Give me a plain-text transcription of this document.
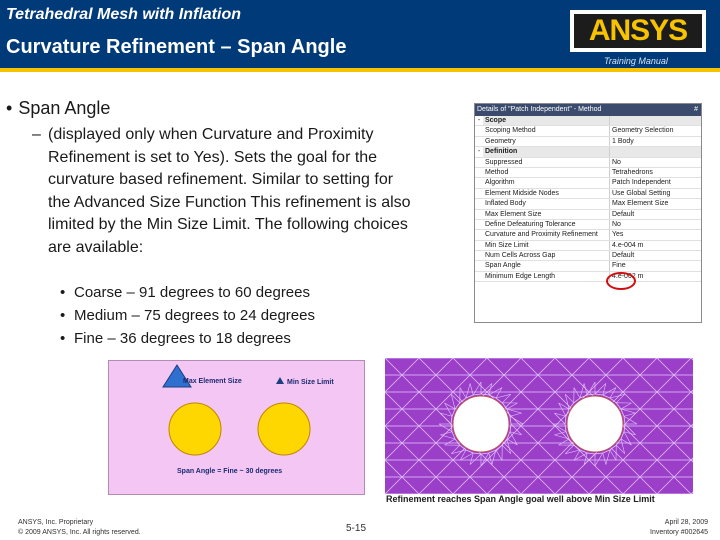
Tetrahedral Mesh with Inflation
Curvature Refinement – Span Angle	ANSYS
Training Manual
• Span Angle
– (displayed only when Curvature and Proximity Refinement is set to Yes). Sets the goal for the curvature based refinement. Similar to setting for the Advanced Size Function This refinement is also limited by the Min Size Limit. The following choices are available:
• Coarse – 91 degrees to 60 degrees
• Medium – 75 degrees to 24 degrees
• Fine – 36 degrees to 18 degrees
Details of "Patch Independent" - Method	#
- Scope
Scoping Method	Geometry Selection
Geometry	1 Body
- Definition
Suppressed	No
Method	Tetrahedrons
Algorithm	Patch Independent
Element Midside Nodes	Use Global Setting
Inflated Body	Max Element Size
Max Element Size	Default
Define Defeaturing Tolerance	No
Curvature and Proximity Refinement	Yes
Min Size Limit	4.e-004 m
Num Cells Across Gap	Default
Span Angle	Fine
Minimum Edge Length	4.e-002 m
Max Element Size	Min Size Limit
Span Angle = Fine ~ 30 degrees
Refinement reaches Span Angle goal well above Min Size Limit
ANSYS, Inc. Proprietary
© 2009 ANSYS, Inc. All rights reserved.	5-15
April 28, 2009
Inventory #002645
